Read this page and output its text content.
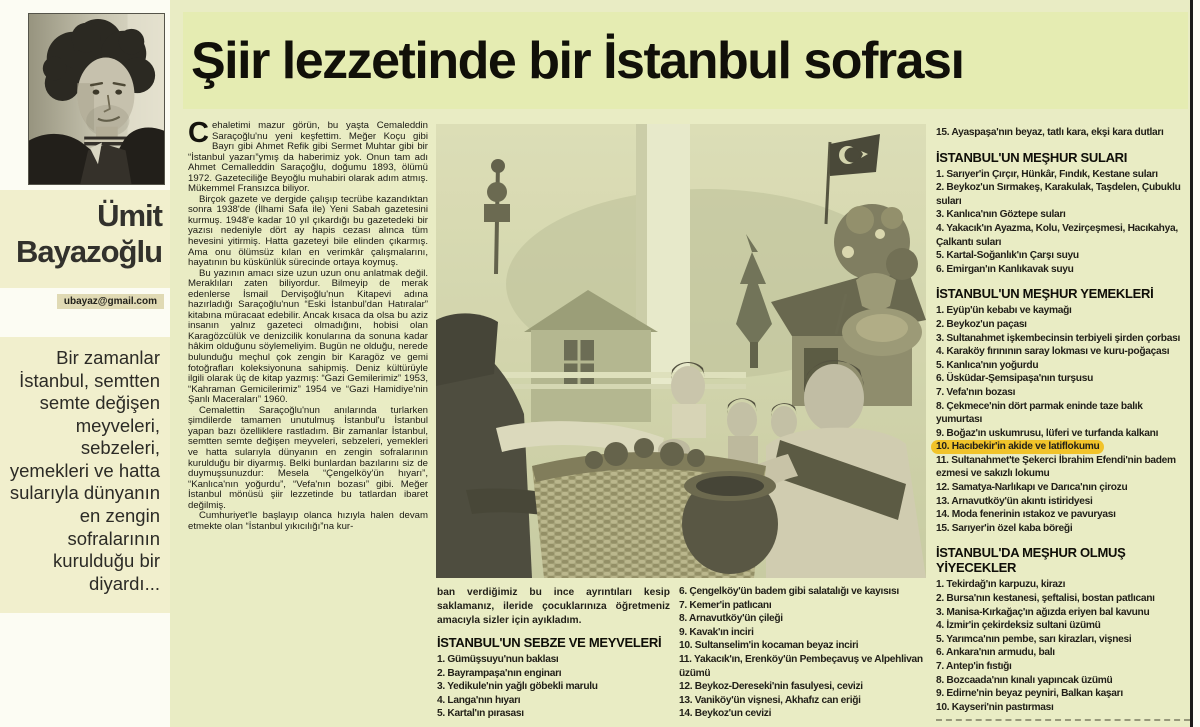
Ümit Bayazoğlu
ubayaz@gmail.com
Bir zamanlar İstanbul, semtten semte değişen meyveleri, sebzeleri, yemekleri ve hatta sularıyla dünyanın en zengin sofralarının kurulduğu bir diyardı...
Şiir lezzetinde bir İstanbul sofrası

Cehaletimi mazur görün, bu yaşta Cemaleddin Saraçoğlu'nu yeni keşfettim. Meğer Koçu gibi Bayrı gibi Ahmet Refik gibi Sermet Muhtar gibi bir “İstanbul yazarı”ymış da haberimiz yok. Onun tam adı Ahmet Cemalleddin Saraçoğlu, doğumu 1893, ölümü 1972. Gazeteciliğe Beyoğlu muhabiri olarak adım atmış. Mükemmel Fransızca biliyor.

Birçok gazete ve dergide çalışıp tecrübe kazandıktan sonra 1938'de (İlhami Safa ile) Yeni Sabah gazetesini kurmuş. 1948'e kadar 10 yıl çıkardığı bu gazetedeki bir yazısı nedeniyle dört ay hapis cezası alınca tüm hevesini yitirmiş. Hatta gazeteyi bile elinden çıkarmış. Ama onu ölümsüz kılan en verimkâr çalışmalarını, hayatının bu küskünlük sürecinde ortaya koymuş.

Bu yazının amacı size uzun uzun onu anlatmak değil. Meraklıları zaten biliyordur. Bilmeyip de merak edenlerse İsmail Dervişoğlu'nun Kitapevi adına hazırladığı Saraçoğlu'nun “Eski İstanbul'dan Hatıralar” kitabına müracaat edebilir. Ancak kısaca da olsa bu aziz insanın yalnız gazeteci olmadığını, hobisi olan Karagözcülük ve denizcilik konularına da sonuna kadar hâkim olduğunu söylemeliyim. Bugün ne olduğu, nerede bulunduğu meçhul çok zengin bir Karagöz ve gemi fotoğrafları koleksiyonuna sahipmiş. Deniz kültürüyle ilgili olarak üç de kitap yazmış: “Gazi Gemilerimiz” 1953, “Kahraman Gemicilerimiz” 1954 ve “Gazi Hamidiye'nin Şanlı Maceraları” 1960.

Cemalettin Saraçoğlu'nun anılarında turlarken şimdilerde tamamen unutulmuş İstanbul'u İstanbul yapan bazı özelliklere rastladım. Bir zamanlar İstanbul, semtten semte değişen meyveleri, sebzeleri, yemekleri ve hatta sularıyla dünyanın en zengin sofralarının kurulduğu bir diyarmış. Belki bunlardan bazılarını siz de duymuşsunuzdur: Mesela “Çengelköy'ün hıyarı”, “Kanlıca'nın yoğurdu”, “Vefa'nın bozası” gibi. Meğer İstanbul mönüsü şiir lezzetinde bu tatlardan ibaret değilmiş.

Cumhuriyet'le başlayıp olanca hızıyla halen devam etmekte olan “İstanbul yıkıcılığı”na kur-

ban verdiğimiz bu ince ayrıntıları kesip saklamanız, ileride çocuklarınıza öğretmeniz amacıyla sizler için ayıkladım.

İSTANBUL'UN SEBZE VE MEYVELERİ
1. Gümüşsuyu'nun baklası
2. Bayrampaşa'nın enginarı
3. Yedikule'nin yağlı göbekli marulu
4. Langa'nın hıyarı
5. Kartal'ın pırasası
6. Çengelköy'ün badem gibi salatalığı ve kayısısı
7. Kemer'in patlıcanı
8. Arnavutköy'ün çileği
9. Kavak'ın inciri
10. Sultanselim'in kocaman beyaz inciri
11. Yakacık'ın, Erenköy'ün Pembeçavuş ve Alpehlivan üzümü
12. Beykoz-Dereseki'nin fasulyesi, cevizi
13. Vaniköy'ün vişnesi, Akhafız can eriği
14. Beykoz'un cevizi
15. Ayaspaşa'nın beyaz, tatlı kara, ekşi kara dutları
İSTANBUL'UN MEŞHUR SULARI
1. Sarıyer'in Çırçır, Hünkâr, Fındık, Kestane suları
2. Beykoz'un Sırmakeş, Karakulak, Taşdelen, Çubuklu suları
3. Kanlıca'nın Göztepe suları
4. Yakacık'ın Ayazma, Kolu, Vezirçeşmesi, Hacıkahya, Çalkantı suları
5. Kartal-Soğanlık'ın Çarşı suyu
6. Emirgan'ın Kanlıkavak suyu
İSTANBUL'UN MEŞHUR YEMEKLERİ
1. Eyüp'ün kebabı ve kaymağı
2. Beykoz'un paçası
3. Sultanahmet işkembecinsin terbiyeli şirden çorbası
4. Karaköy fırınının saray lokması ve kuru-poğaçası
5. Kanlıca'nın yoğurdu
6. Üsküdar-Şemsipaşa'nın turşusu
7. Vefa'nın bozası
8. Çekmece'nin dört parmak eninde taze balık yumurtası
9. Boğaz'ın uskumrusu, lüferi ve turfanda kalkanı
10. Hacıbekir'in akide ve latiflokumu
11. Sultanahmet'te Şekerci İbrahim Efendi'nin badem ezmesi ve sakızlı lokumu
12. Samatya-Narlıkapı ve Darıca'nın çirozu
13. Arnavutköy'ün akıntı istiridyesi
14. Moda fenerinin ıstakoz ve pavuryası
15. Sarıyer'in özel kaba böreği
İSTANBUL'DA MEŞHUR OLMUŞ YİYECEKLER
1. Tekirdağ'ın karpuzu, kirazı
2. Bursa'nın kestanesi, şeftalisi, bostan patlıcanı
3. Manisa-Kırkağaç'ın ağızda eriyen bal kavunu
4. İzmir'in çekirdeksiz sultani üzümü
5. Yarımca'nın pembe, sarı kirazları, vişnesi
6. Ankara'nın armudu, balı
7. Antep'in fıstığı
8. Bozcaada'nın kınalı yapıncak üzümü
9. Edirne'nin beyaz peyniri, Balkan kaşarı
10. Kayseri'nin pastırması
